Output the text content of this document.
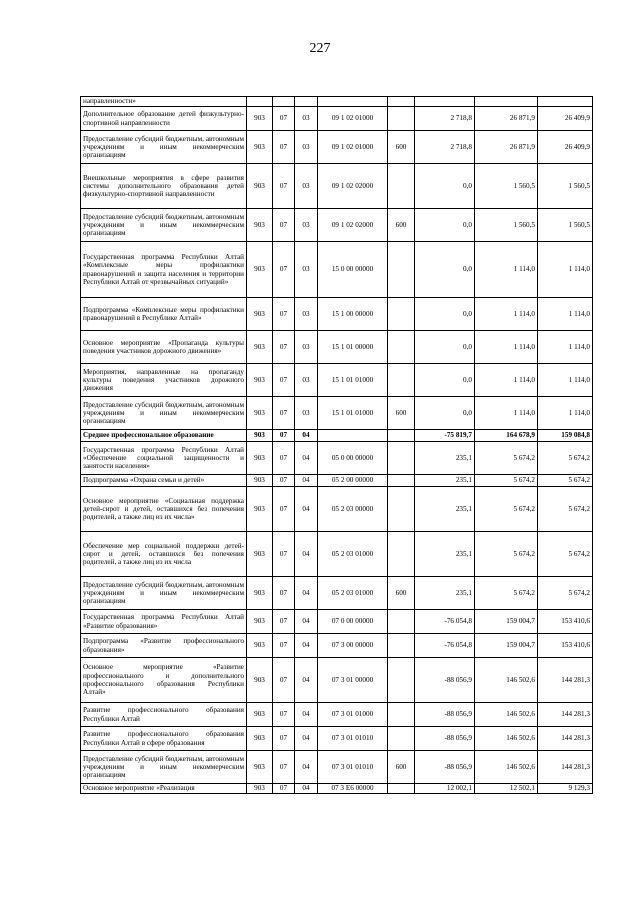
227
направленности»								
Дополнительное образование детей физкультурно-спортивной направленности	903	07	03	09 1 02 01000		2 718,8	26 871,9	26 409,9
Предоставление субсидий бюджетным, автономным учреждениям и иным некоммерческим организациям	903	07	03	09 1 02 01000	600	2 718,8	26 871,9	26 409,9
Внешкольные мероприятия в сфере развития системы дополнительного образования детей физкультурно-спортивной направленности	903	07	03	09 1 02 02000		0,0	1 560,5	1 560,5
Предоставление субсидий бюджетным, автономным учреждениям и иным некоммерческим организациям	903	07	03	09 1 02 02000	600	0,0	1 560,5	1 560,5
Государственная программа Республики Алтай «Комплексные меры профилактики правонарушений и защита населения и территории Республики Алтай от чрезвычайных ситуаций»	903	07	03	15 0 00 00000		0,0	1 114,0	1 114,0
Подпрограмма «Комплексные меры профилактики правонарушений в Республике Алтай»	903	07	03	15 1 00 00000		0,0	1 114,0	1 114,0
Основное мероприятие «Пропаганда культуры поведения участников дорожного движения»	903	07	03	15 1 01 00000		0,0	1 114,0	1 114,0
Мероприятия, направленные на пропаганду культуры поведения участников дорожного движения	903	07	03	15 1 01 01000		0,0	1 114,0	1 114,0
Предоставление субсидий бюджетным, автономным учреждениям и иным некоммерческим организациям	903	07	03	15 1 01 01000	600	0,0	1 114,0	1 114,0
Среднее профессиональное образование	903	07	04			-75 819,7	164 678,9	159 084,8
Государственная программа Республики Алтай «Обеспечение социальной защищенности и занятости населения»	903	07	04	05 0 00 00000		235,1	5 674,2	5 674,2
Подпрограмма «Охрана семьи и детей»	903	07	04	05 2 00 00000		235,1	5 674,2	5 674,2
Основное мероприятие «Социальная поддержка детей-сирот и детей, оставшихся без попечения родителей, а также лиц из их числа»	903	07	04	05 2 03 00000		235,1	5 674,2	5 674,2
Обеспечение мер социальной поддержки детей-сирот и детей, оставшихся без попечения родителей, а также лиц из их числа	903	07	04	05 2 03 01000		235,1	5 674,2	5 674,2
Предоставление субсидий бюджетным, автономным учреждениям и иным некоммерческим организациям	903	07	04	05 2 03 01000	600	235,1	5 674,2	5 674,2
Государственная программа Республики Алтай «Развитие образования»	903	07	04	07 0 00 00000		-76 054,8	159 004,7	153 410,6
Подпрограмма «Развитие профессионального образования»	903	07	04	07 3 00 00000		-76 054,8	159 004,7	153 410,6
Основное мероприятие «Развитие профессионального и дополнительного профессионального образования Республики Алтай»	903	07	04	07 3 01 00000		-88 056,9	146 502,6	144 281,3
Развитие профессионального образования Республики Алтай	903	07	04	07 3 01 01000		-88 056,9	146 502,6	144 281,3
Развитие профессионального образования Республики Алтай в сфере образования	903	07	04	07 3 01 01010		-88 056,9	146 502,6	144 281,3
Предоставление субсидий бюджетным, автономным учреждениям и иным некоммерческим организациям	903	07	04	07 3 01 01010	600	-88 056,9	146 502,6	144 281,3
Основное мероприятие «Реализация	903	07	04	07 3 E6 00000		12 002,1	12 502,1	9 129,3
